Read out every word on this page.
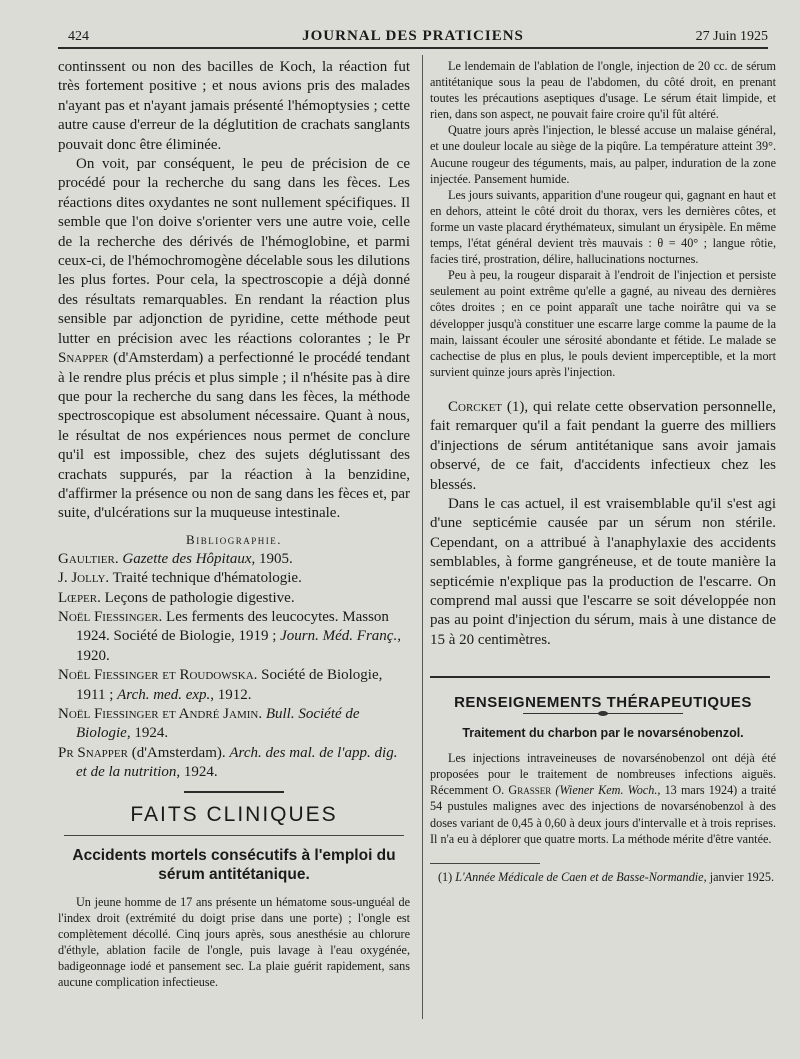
424	JOURNAL DES PRATICIENS	27 Juin 1925

continssent ou non des bacilles de Koch, la réaction fut très fortement positive ; et nous avions pris des malades n'ayant pas et n'ayant jamais présenté l'hémoptysies ; cette autre cause d'erreur de la déglutition de crachats sanglants pouvait donc être éliminée.

On voit, par conséquent, le peu de précision de ce procédé pour la recherche du sang dans les fèces. Les réactions dites oxydantes ne sont nullement spécifiques. Il semble que l'on doive s'orienter vers une autre voie, celle de la recherche des dérivés de l'hémoglobine, et parmi ceux-ci, de l'hémochromogène décelable sous les dilutions les plus fortes. Pour cela, la spectroscopie a déjà donné des résultats remarquables. En rendant la réaction plus sensible par adjonction de pyridine, cette méthode peut lutter en précision avec les réactions colorantes ; le Pr Snapper (d'Amsterdam) a perfectionné le procédé tendant à le rendre plus précis et plus simple ; il n'hésite pas à dire que pour la recherche du sang dans les fèces, la méthode spectroscopique est absolument nécessaire. Quant à nous, le résultat de nos expériences nous permet de conclure qu'il est impossible, chez des sujets déglutissant des crachats suppurés, par la réaction à la benzidine, d'affirmer la présence ou non de sang dans les fèces et, par suite, d'ulcérations sur la muqueuse intestinale.

Bibliographie.
Gaultier. Gazette des Hôpitaux, 1905.
J. Jolly. Traité technique d'hématologie.
Lœper. Leçons de pathologie digestive.
Noël Fiessinger. Les ferments des leucocytes. Masson 1924. Société de Biologie, 1919 ; Journ. Méd. Franç., 1920.
Noël Fiessinger et Roudowska. Société de Biologie, 1911 ; Arch. med. exp., 1912.
Noël Fiessinger et André Jamin. Bull. Société de Biologie, 1924.
Pr Snapper (d'Amsterdam). Arch. des mal. de l'app. dig. et de la nutrition, 1924.
FAITS CLINIQUES
Accidents mortels consécutifs à l'emploi du sérum antitétanique.

Un jeune homme de 17 ans présente un hématome sous-unguéal de l'index droit (extrémité du doigt prise dans une porte) ; l'ongle est complètement décollé. Cinq jours après, sous anesthésie au chlorure d'éthyle, ablation facile de l'ongle, puis lavage à l'eau oxygénée, badigeonnage iodé et pansement sec. La plaie guérit rapidement, sans aucune complication infectieuse.

Le lendemain de l'ablation de l'ongle, injection de 20 cc. de sérum antitétanique sous la peau de l'abdomen, du côté droit, en prenant toutes les précautions aseptiques d'usage. Le sérum était limpide, et rien, dans son aspect, ne pouvait faire croire qu'il fût altéré.

Quatre jours après l'injection, le blessé accuse un malaise général, et une douleur locale au siège de la piqûre. La température atteint 39°. Aucune rougeur des téguments, mais, au palper, induration de la zone injectée. Pansement humide.

Les jours suivants, apparition d'une rougeur qui, gagnant en haut et en dehors, atteint le côté droit du thorax, vers les dernières côtes, et forme un vaste placard érythémateux, simulant un érysipèle. En même temps, l'état général devient très mauvais : θ = 40° ; langue rôtie, facies tiré, prostration, délire, hallucinations nocturnes.

Peu à peu, la rougeur disparait à l'endroit de l'injection et persiste seulement au point extrême qu'elle a gagné, au niveau des dernières côtes droites ; en ce point apparaît une tache noirâtre qui va se développer jusqu'à constituer une escarre large comme la paume de la main, laissant écouler une sérosité abondante et fétide. Le malade se cachectise de plus en plus, le pouls devient imperceptible, et la mort survient quinze jours après l'injection.

Corcket (1), qui relate cette observation personnelle, fait remarquer qu'il a fait pendant la guerre des milliers d'injections de sérum antitétanique sans avoir jamais observé, de ce fait, d'accidents infectieux chez les blessés.

Dans le cas actuel, il est vraisemblable qu'il s'est agi d'une septicémie causée par un sérum non stérile. Cependant, on a attribué à l'anaphylaxie des accidents semblables, à forme gangréneuse, et de toute manière la septicémie n'explique pas la production de l'escarre. On comprend mal aussi que l'escarre se soit développée non pas au point d'injection du sérum, mais à une distance de 15 à 20 centimètres.

RENSEIGNEMENTS THÉRAPEUTIQUES
Traitement du charbon par le novarsénobenzol.

Les injections intraveineuses de novarsénobenzol ont déjà été proposées pour le traitement de nombreuses infections aiguës. Récemment O. Grasser (Wiener Kem. Woch., 13 mars 1924) a traité 54 pustules malignes avec des injections de novarsénobenzol à des doses variant de 0,45 à 0,60 à deux jours d'intervalle et à trois reprises. Il n'a eu à déplorer que quatre morts. La méthode mérite d'être vantée.

(1) L'Année Médicale de Caen et de Basse-Normandie, janvier 1925.
